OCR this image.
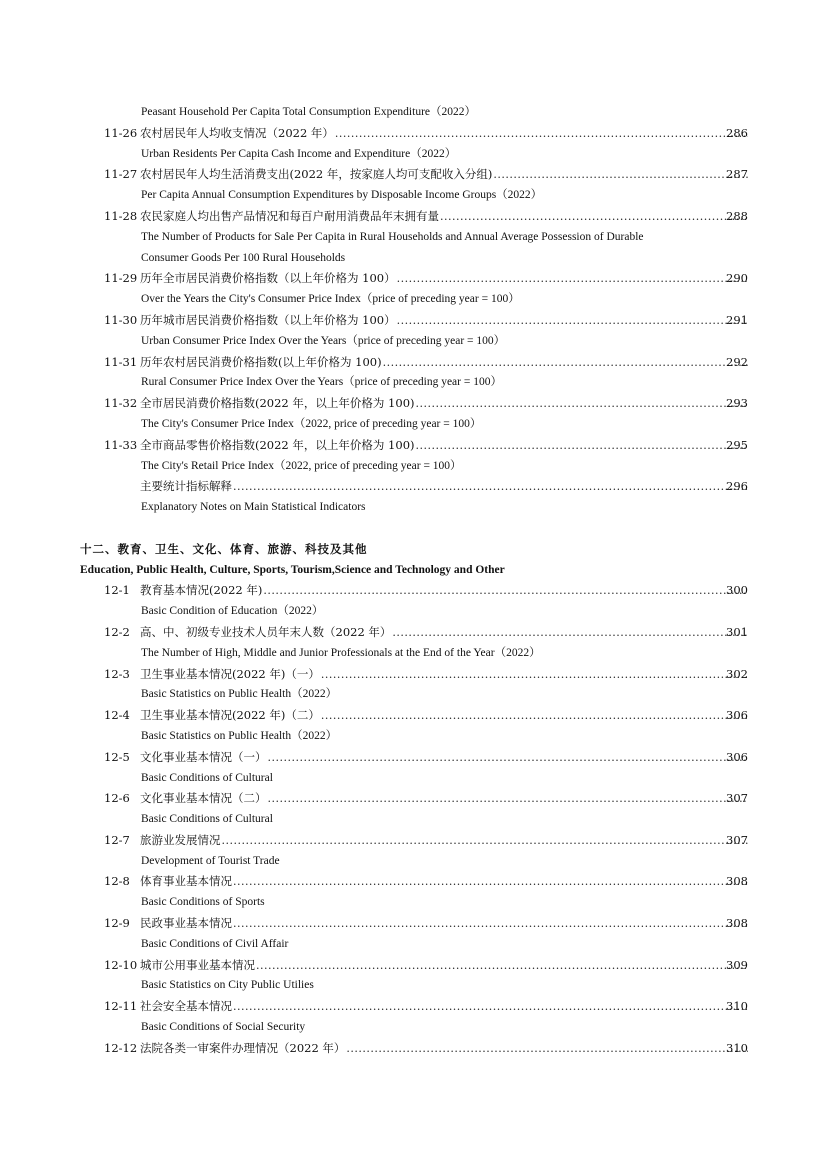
Peasant Household Per Capita Total Consumption Expenditure（2022）
11-26 农村居民年人均收支情况（2022 年） .....	286
Urban Residents Per Capita Cash Income and Expenditure（2022）
11-27 农村居民年人均生活消费支出(2022 年，按家庭人均可支配收入分组) .....	287
Per Capita Annual Consumption Expenditures by Disposable Income Groups（2022）
11-28 农民家庭人均出售产品情况和每百户耐用消费品年末拥有量 .....	288
The Number of Products for Sale Per Capita in Rural Households and Annual Average Possession of Durable
Consumer Goods Per 100 Rural Households
11-29 历年全市居民消费价格指数（以上年价格为 100） .....	290
Over the Years the City's Consumer Price Index（price of preceding year = 100）
11-30 历年城市居民消费价格指数（以上年价格为 100） .....	291
Urban Consumer Price Index Over the Years（price of preceding year = 100）
11-31 历年农村居民消费价格指数(以上年价格为 100) .....	292
Rural Consumer Price Index Over the Years（price of preceding year = 100）
11-32 全市居民消费价格指数(2022 年，以上年价格为 100) .....	293
The City's Consumer Price Index（2022, price of preceding year = 100）
11-33 全市商品零售价格指数(2022 年，以上年价格为 100) .....	295
The City's Retail Price Index（2022, price of preceding year = 100）
主要统计指标解释 .....	296
Explanatory Notes on Main Statistical Indicators
十二、教育、卫生、文化、体育、旅游、科技及其他
Education, Public Health, Culture, Sports, Tourism,Science and Technology and Other
12-1 教育基本情况(2022 年) .....	300
Basic Condition of Education（2022）
12-2 高、中、初级专业技术人员年末人数（2022 年） .....	301
The Number of High, Middle and Junior Professionals at the End of the Year（2022）
12-3 卫生事业基本情况(2022 年)（一） .....	302
Basic Statistics on Public Health（2022）
12-4 卫生事业基本情况(2022 年)（二） .....	306
Basic Statistics on Public Health（2022）
12-5 文化事业基本情况（一） .....	306
Basic Conditions of Cultural
12-6 文化事业基本情况（二） .....	307
Basic Conditions of Cultural
12-7 旅游业发展情况 .....	307
Development of Tourist Trade
12-8 体育事业基本情况 .....	308
Basic Conditions of Sports
12-9 民政事业基本情况 .....	308
Basic Conditions of Civil Affair
12-10 城市公用事业基本情况 .....	309
Basic Statistics on City Public Utilies
12-11 社会安全基本情况 .....	310
Basic Conditions of Social Security
12-12 法院各类一审案件办理情况（2022 年） .....	310
